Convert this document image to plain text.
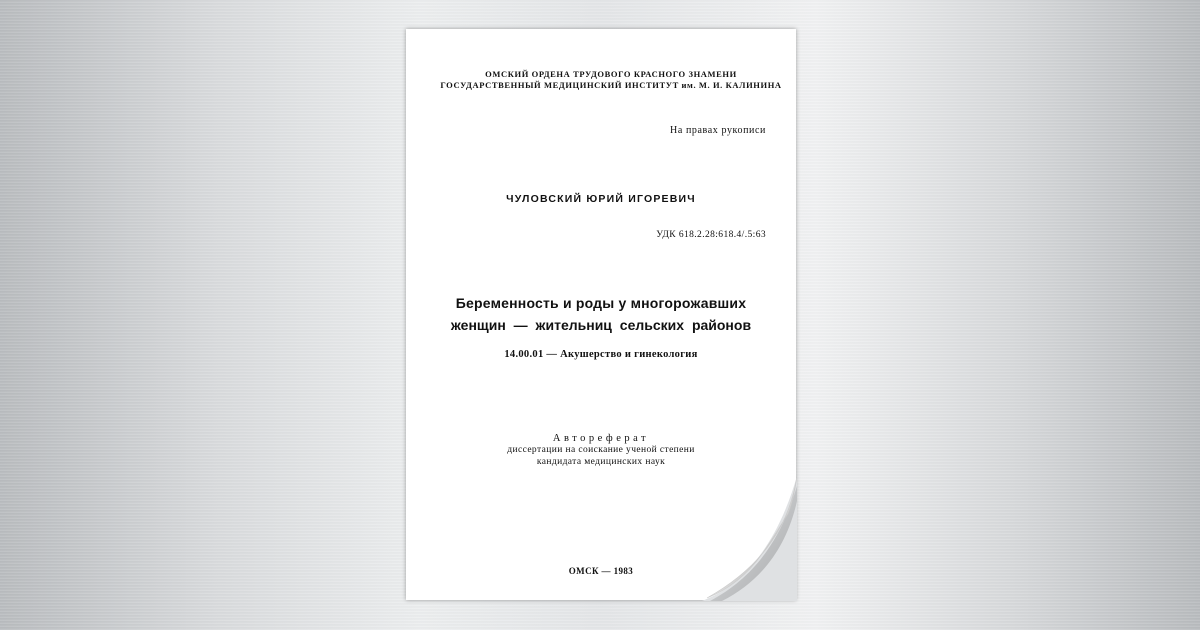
ОМСКИЙ ОРДЕНА ТРУДОВОГО КРАСНОГО ЗНАМЕНИ
ГОСУДАРСТВЕННЫЙ МЕДИЦИНСКИЙ ИНСТИТУТ им. М. И. КАЛИНИНА
На правах рукописи
ЧУЛОВСКИЙ ЮРИЙ ИГОРЕВИЧ
УДК 618.2.28:618.4/.5:63
Беременность и роды у многорожавших
женщин — жительниц сельских районов
14.00.01 — Акушерство и гинекология
Автореферат
диссертации на соискание ученой степени
кандидата медицинских наук
ОМСК — 1983
